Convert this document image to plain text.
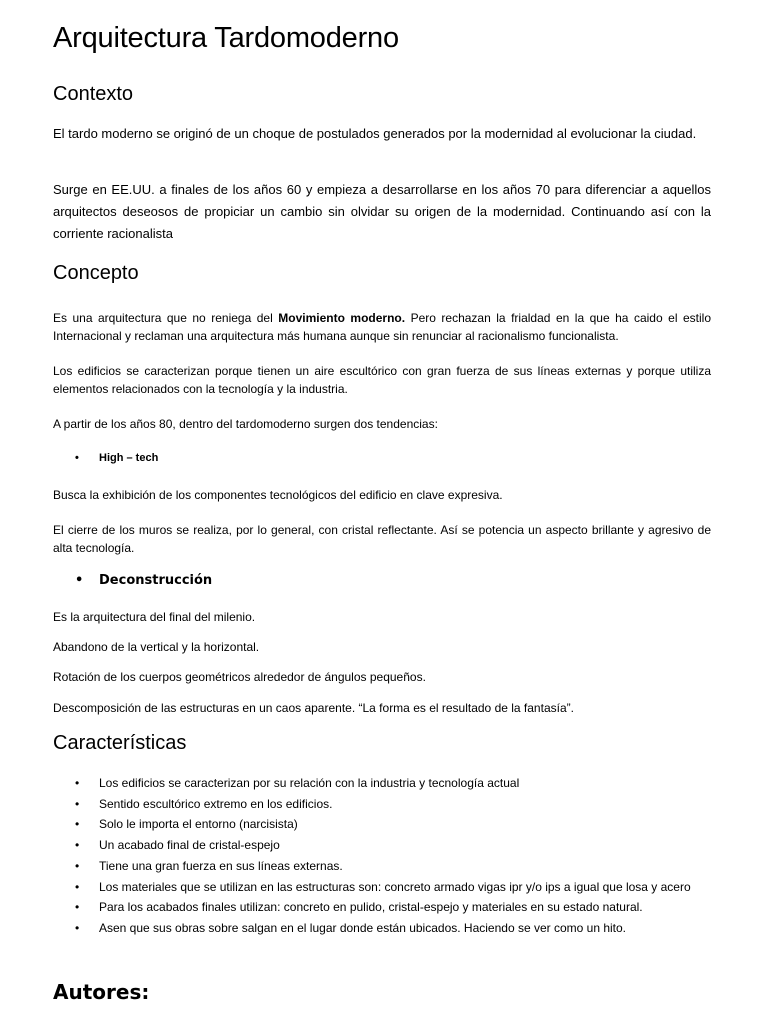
Arquitectura Tardomoderno
Contexto

El tardo moderno se originó de un choque de postulados generados por la modernidad al evolucionar la ciudad.

Surge en EE.UU. a finales de los años 60 y empieza a desarrollarse en los años 70 para diferenciar a aquellos arquitectos deseosos de propiciar un cambio sin olvidar su origen de la modernidad. Continuando así con la corriente racionalista

Concepto

Es una arquitectura que no reniega del Movimiento moderno. Pero rechazan la frialdad en la que ha caido el estilo Internacional y reclaman una arquitectura más humana aunque sin renunciar al racionalismo funcionalista.

Los edificios se caracterizan porque tienen un aire escultórico con gran fuerza de sus líneas externas y porque utiliza elementos relacionados con la tecnología y la industria.

A partir de los años 80, dentro del tardomoderno surgen dos tendencias:

• High – tech

Busca la exhibición de los componentes tecnológicos del edificio en clave expresiva.

El cierre de los muros se realiza, por lo general, con cristal reflectante. Así se potencia un aspecto brillante y agresivo de alta tecnología.

• Deconstrucción

Es la arquitectura del final del milenio.

Abandono de la vertical y la horizontal.

Rotación de los cuerpos geométricos alrededor de ángulos pequeños.

Descomposición de las estructuras en un caos aparente. “La forma es el resultado de la fantasía”.

Características
• Los edificios se caracterizan por su relación con la industria y tecnología actual
• Sentido escultórico extremo en los edificios.
• Solo le importa el entorno (narcisista)
• Un acabado final de cristal-espejo
• Tiene una gran fuerza en sus líneas externas.
• Los materiales que se utilizan en las estructuras son: concreto armado vigas ipr y/o ips a igual que losa y acero
• Para los acabados finales utilizan: concreto en pulido, cristal-espejo y materiales en su estado natural.
• Asen que sus obras sobre salgan en el lugar donde están ubicados. Haciendo se ver como un hito.
Autores:
